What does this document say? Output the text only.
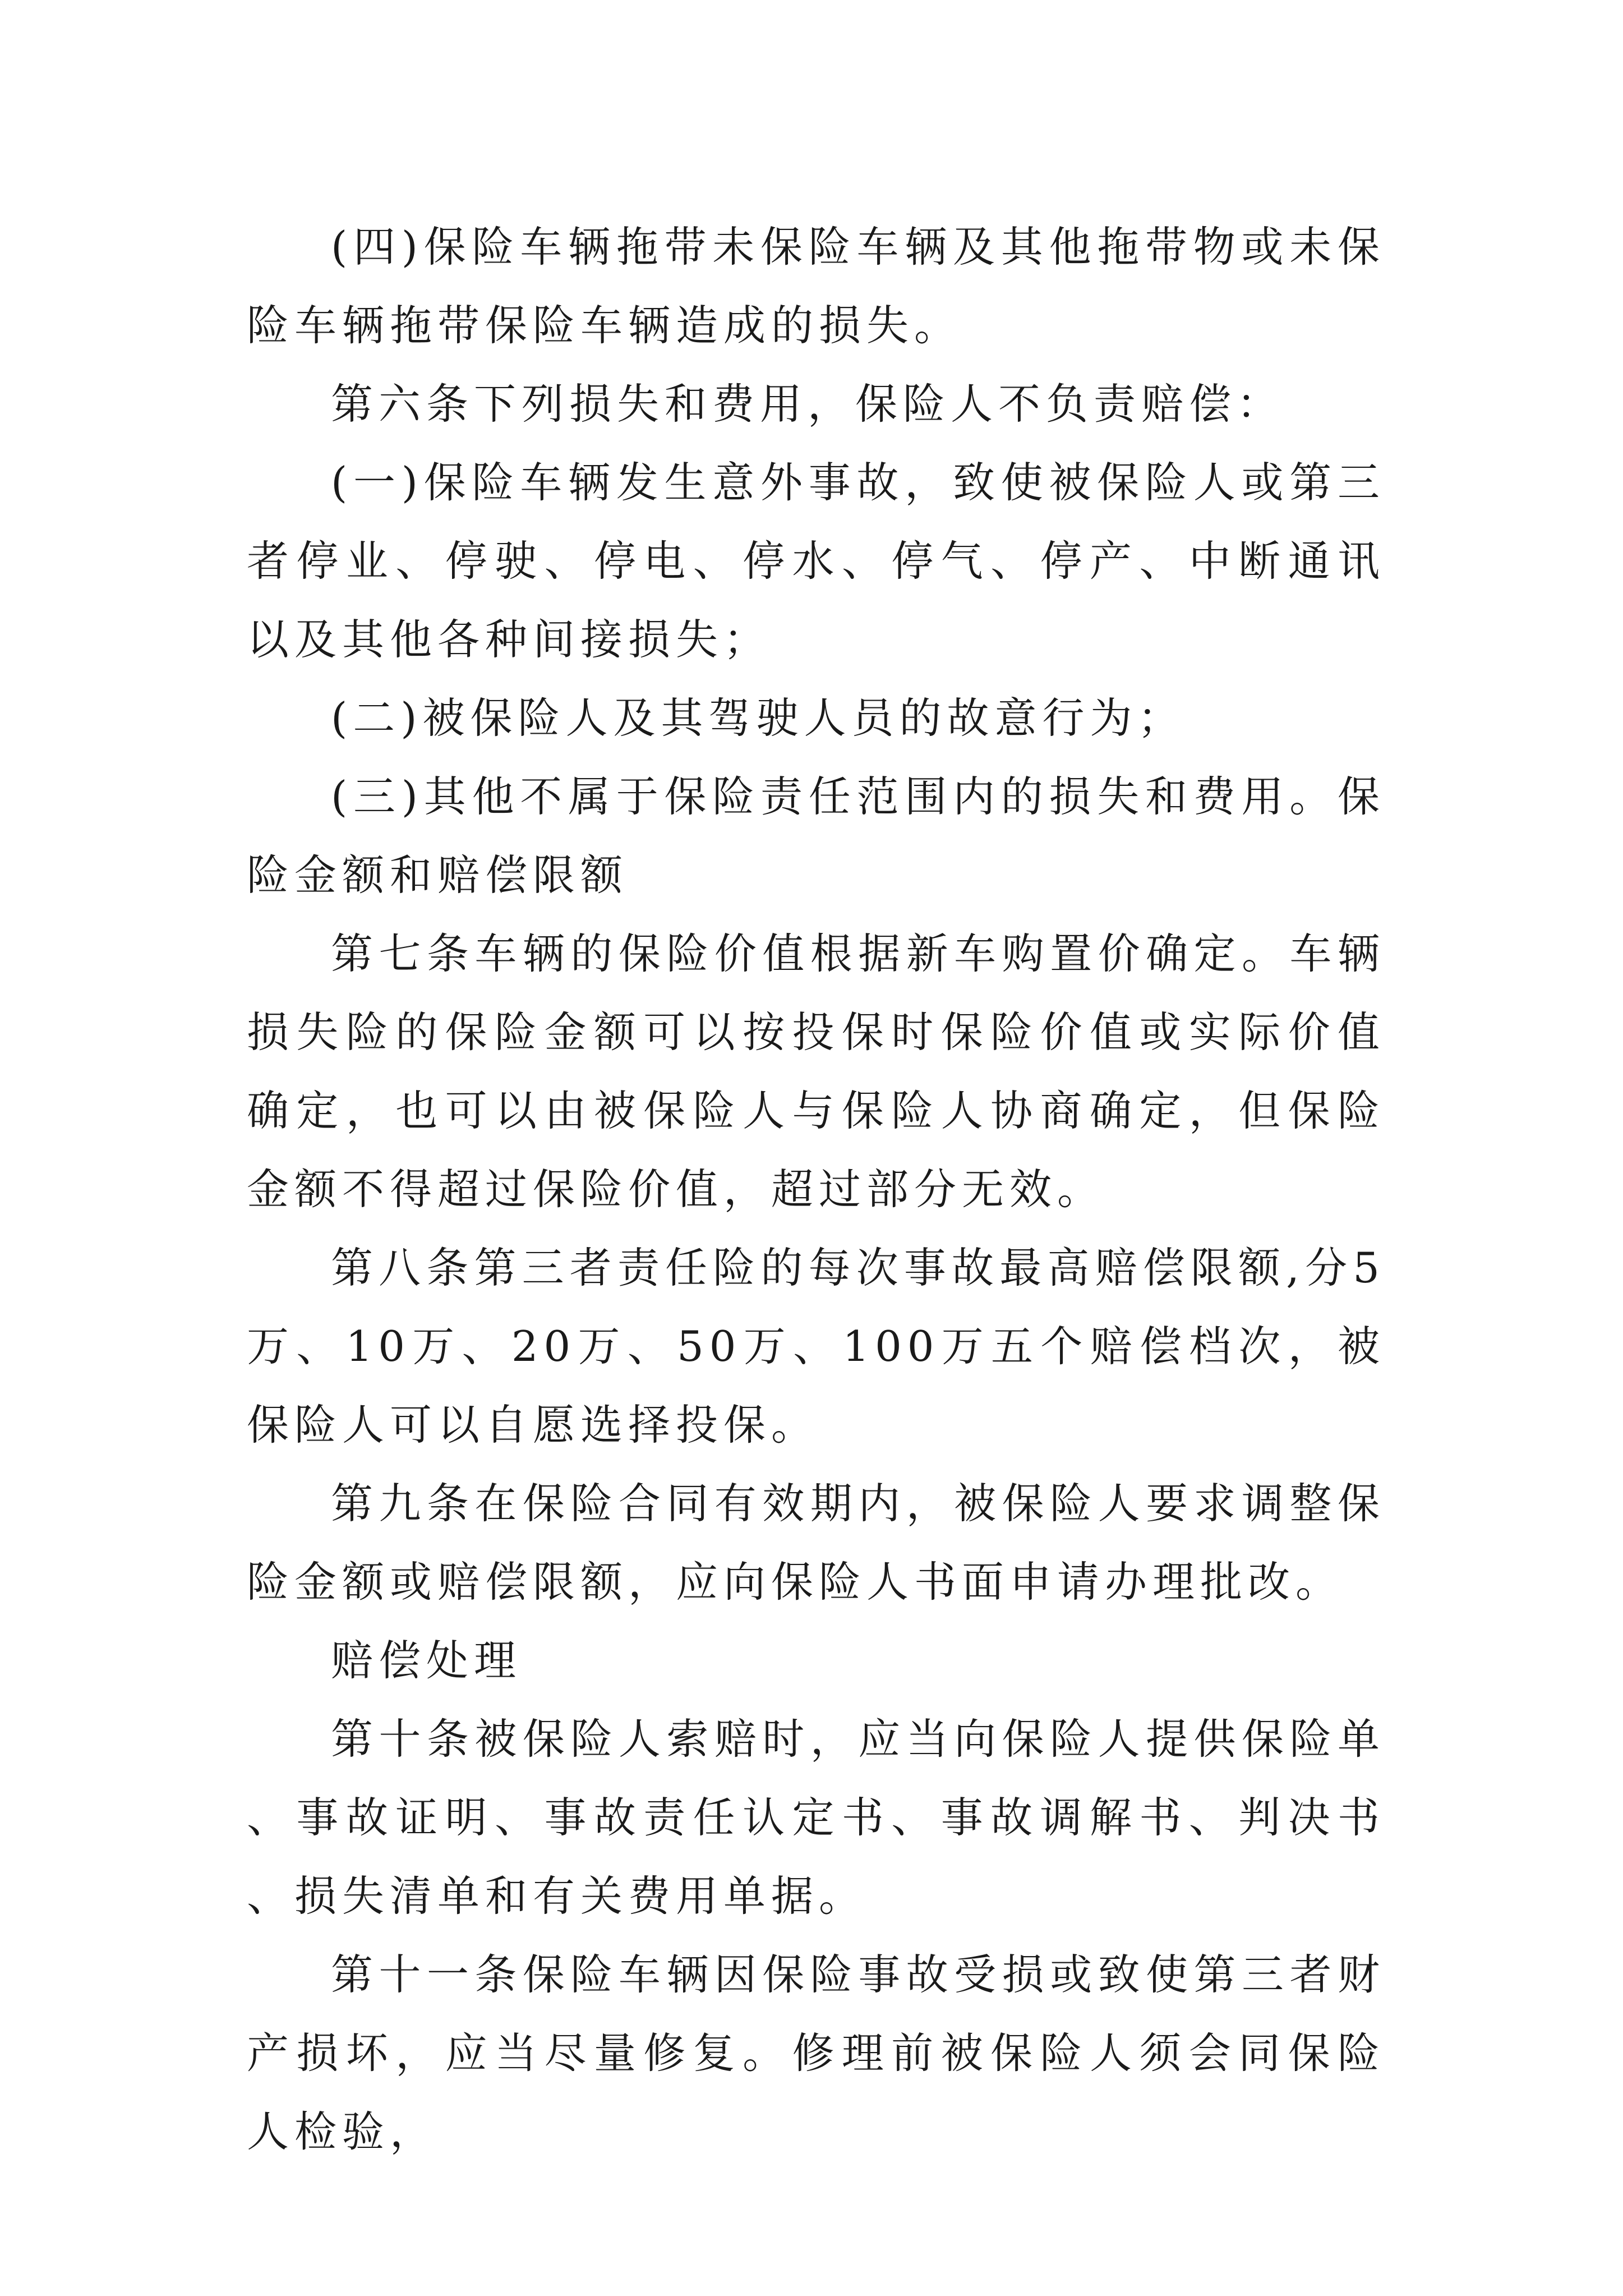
(四)保险车辆拖带未保险车辆及其他拖带物或未保险车辆拖带保险车辆造成的损失。

第六条下列损失和费用，保险人不负责赔偿：

(一)保险车辆发生意外事故，致使被保险人或第三者停业、停驶、停电、停水、停气、停产、中断通讯以及其他各种间接损失；

(二)被保险人及其驾驶人员的故意行为；

(三)其他不属于保险责任范围内的损失和费用。保险金额和赔偿限额

第七条车辆的保险价值根据新车购置价确定。车辆损失险的保险金额可以按投保时保险价值或实际价值确定，也可以由被保险人与保险人协商确定，但保险金额不得超过保险价值，超过部分无效。

第八条第三者责任险的每次事故最高赔偿限额,分5万、10万、20万、50万、100万五个赔偿档次，被保险人可以自愿选择投保。

第九条在保险合同有效期内，被保险人要求调整保险金额或赔偿限额，应向保险人书面申请办理批改。

赔偿处理

第十条被保险人索赔时，应当向保险人提供保险单、事故证明、事故责任认定书、事故调解书、判决书、损失清单和有关费用单据。

第十一条保险车辆因保险事故受损或致使第三者财产损坏，应当尽量修复。修理前被保险人须会同保险人检验，
